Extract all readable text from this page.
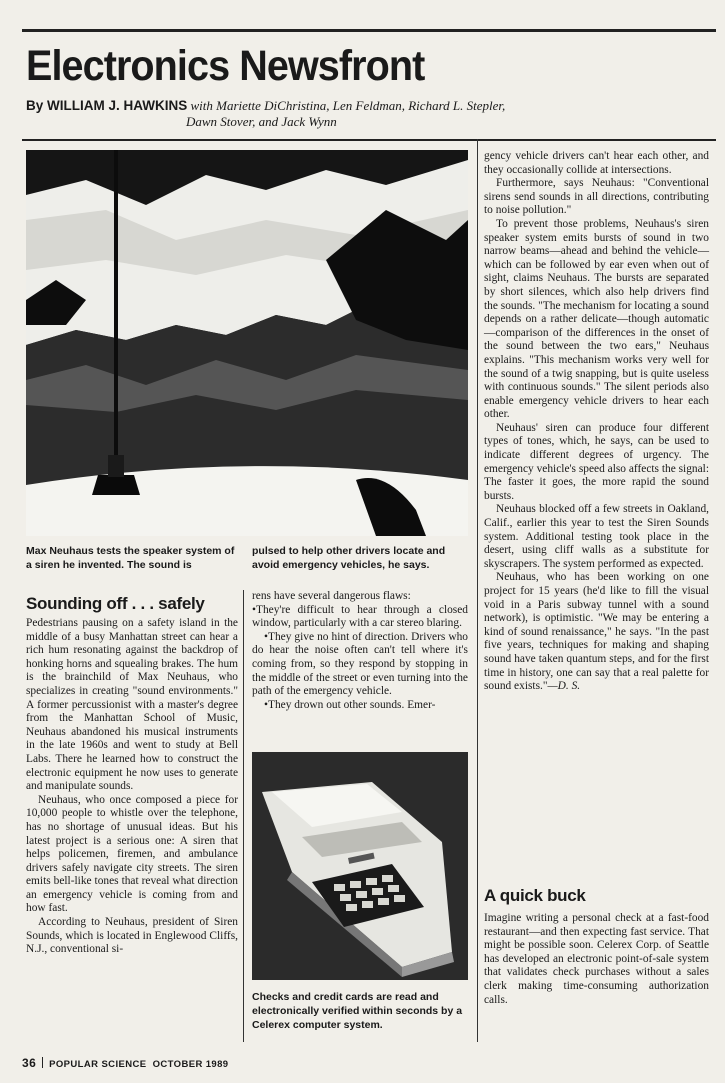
Electronics Newsfront
By WILLIAM J. HAWKINS with Mariette DiChristina, Len Feldman, Richard L. Stepler,
Dawn Stover, and Jack Wynn

Max Neuhaus tests the speaker system of a siren he invented. The sound is

pulsed to help other drivers locate and avoid emergency vehicles, he says.

Sounding off . . . safely

Pedestrians pausing on a safety island in the middle of a busy Manhattan street can hear a rich hum resonating against the backdrop of honking horns and squealing brakes. The hum is the brainchild of Max Neuhaus, who specializes in creating "sound environments." A former percussionist with a master's degree from the Manhattan School of Music, Neuhaus abandoned his musical instruments in the late 1960s and went to study at Bell Labs. There he learned how to construct the electronic equipment he now uses to generate and manipulate sounds.

Neuhaus, who once composed a piece for 10,000 people to whistle over the telephone, has no shortage of unusual ideas. But his latest project is a serious one: A siren that helps policemen, firemen, and ambulance drivers safely navigate city streets. The siren emits bell-like tones that reveal what direction an emergency vehicle is coming from and how fast.

According to Neuhaus, president of Siren Sounds, which is located in Englewood Cliffs, N.J., conventional si-

rens have several dangerous flaws:

•They're difficult to hear through a closed window, particularly with a car stereo blaring.

•They give no hint of direction. Drivers who do hear the noise often can't tell where it's coming from, so they respond by stopping in the middle of the street or even turning into the path of the emergency vehicle.

•They drown out other sounds. Emer-

Checks and credit cards are read and electronically verified within seconds by a Celerex computer system.

gency vehicle drivers can't hear each other, and they occasionally collide at intersections.

Furthermore, says Neuhaus: "Conventional sirens send sounds in all directions, contributing to noise pollution."

To prevent those problems, Neuhaus's siren speaker system emits bursts of sound in two narrow beams—ahead and behind the vehicle— which can be followed by ear even when out of sight, claims Neuhaus. The bursts are separated by short silences, which also help drivers find the sounds. "The mechanism for locating a sound depends on a rather delicate—though automatic—comparison of the differences in the onset of the sound between the two ears," Neuhaus explains. "This mechanism works very well for the sound of a twig snapping, but is quite useless with continuous sounds." The silent periods also enable emergency vehicle drivers to hear each other.

Neuhaus' siren can produce four different types of tones, which, he says, can be used to indicate different degrees of urgency. The emergency vehicle's speed also affects the signal: The faster it goes, the more rapid the sound bursts.

Neuhaus blocked off a few streets in Oakland, Calif., earlier this year to test the Siren Sounds system. Additional testing took place in the desert, using cliff walls as a substitute for skyscrapers. The system performed as expected.

Neuhaus, who has been working on one project for 15 years (he'd like to fill the visual void in a Paris subway tunnel with a sound network), is optimistic. "We may be entering a kind of sound renaissance," he says. "In the past five years, techniques for making and shaping sound have taken quantum steps, and for the first time in history, one can say that a real palette for sound exists."—D. S.

A quick buck

Imagine writing a personal check at a fast-food restaurant—and then expecting fast service. That might be possible soon. Celerex Corp. of Seattle has developed an electronic point-of-sale system that validates check purchases without a sales clerk making time-consuming authorization calls.

36 POPULAR SCIENCE OCTOBER 1989
